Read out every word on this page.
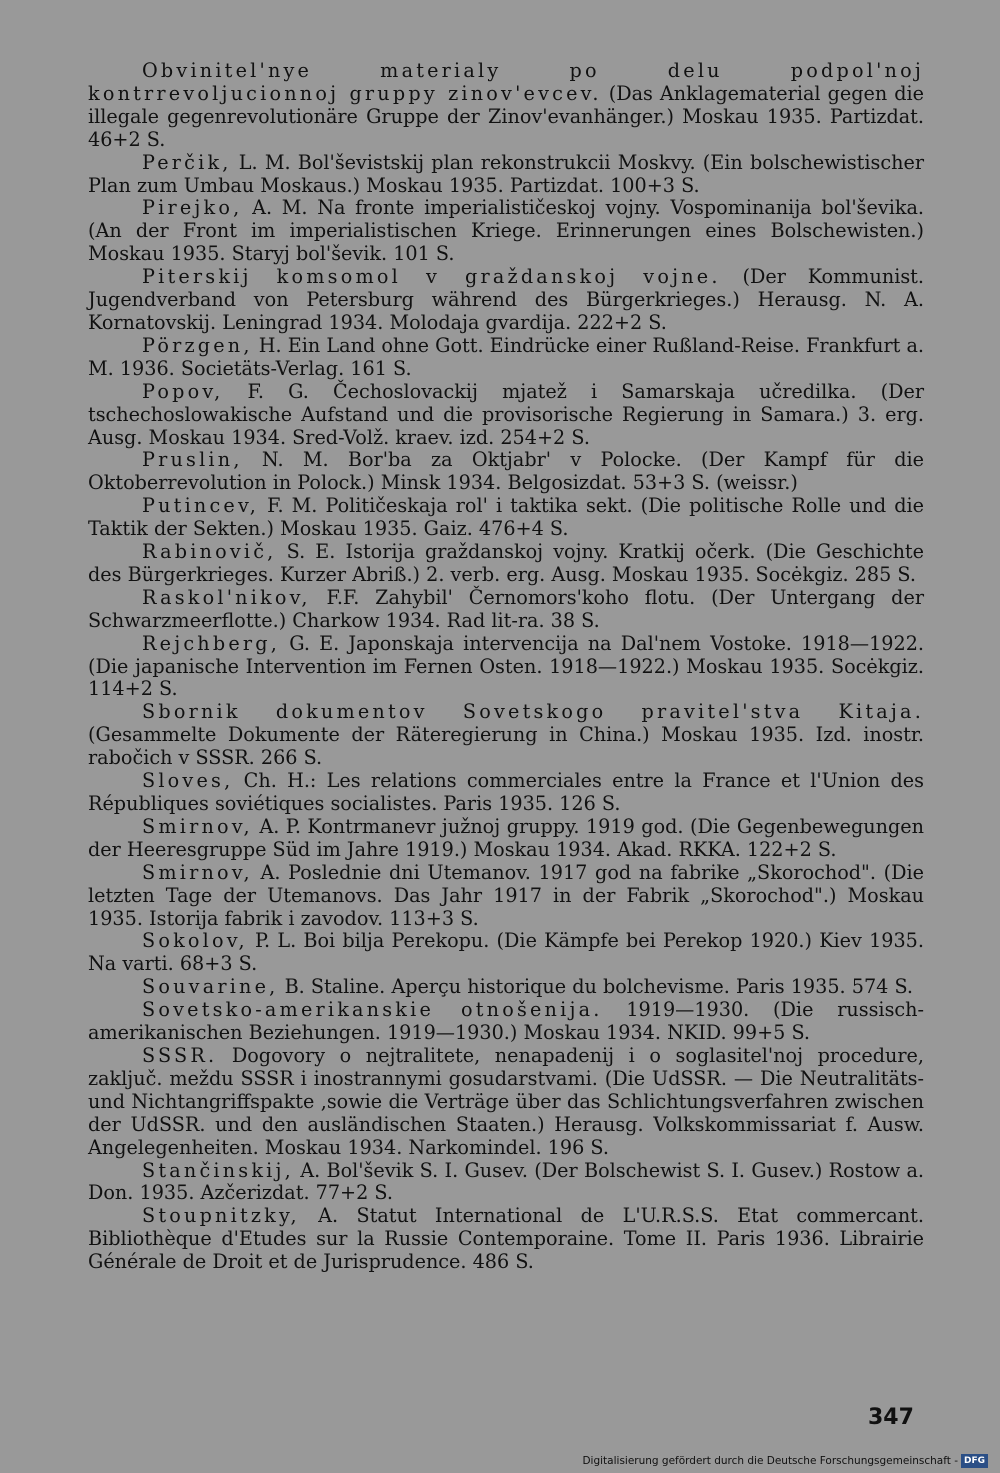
Obvinitel'nye materialy po delu podpol'noj kontrrevoljucionnoj gruppy zinov'evcev. (Das Anklagematerial gegen die illegale gegenrevolutionäre Gruppe der Zinov'evanhänger.) Moskau 1935. Partizdat. 46+2 S.

Perčik, L. M. Bol'ševistskij plan rekonstrukcii Moskvy. (Ein bolschewistischer Plan zum Umbau Moskaus.) Moskau 1935. Partizdat. 100+3 S.

Pirejko, A. M. Na fronte imperialističeskoj vojny. Vospominanija bol'ševika. (An der Front im imperialistischen Kriege. Erinnerungen eines Bolschewisten.) Moskau 1935. Staryj bol'ševik. 101 S.

Piterskij komsomol v graždanskoj vojne. (Der Kommunist. Jugendverband von Petersburg während des Bürgerkrieges.) Herausg. N. A. Kornatovskij. Leningrad 1934. Molodaja gvardija. 222+2 S.

Pörzgen, H. Ein Land ohne Gott. Eindrücke einer Rußland-Reise. Frankfurt a. M. 1936. Societäts-Verlag. 161 S.

Popov, F. G. Čechoslovackij mjatež i Samarskaja učredilka. (Der tschechoslowakische Aufstand und die provisorische Regierung in Samara.) 3. erg. Ausg. Moskau 1934. Sred-Volž. kraev. izd. 254+2 S.

Pruslin, N. M. Bor'ba za Oktjabr' v Polocke. (Der Kampf für die Oktoberrevolution in Polock.) Minsk 1934. Belgosizdat. 53+3 S. (weissr.)

Putincev, F. M. Političeskaja rol' i taktika sekt. (Die politische Rolle und die Taktik der Sekten.) Moskau 1935. Gaiz. 476+4 S.

Rabinovič, S. E. Istorija graždanskoj vojny. Kratkij očerk. (Die Geschichte des Bürgerkrieges. Kurzer Abriß.) 2. verb. erg. Ausg. Moskau 1935. Socėkgiz. 285 S.

Raskol'nikov, F.F. Zahybil' Černomors'koho flotu. (Der Untergang der Schwarzmeerflotte.) Charkow 1934. Rad lit-ra. 38 S.

Rejchberg, G. E. Japonskaja intervencija na Dal'nem Vostoke. 1918—1922. (Die japanische Intervention im Fernen Osten. 1918—1922.) Moskau 1935. Socėkgiz. 114+2 S.

Sbornik dokumentov Sovetskogo pravitel'stva Kitaja. (Gesammelte Dokumente der Räteregierung in China.) Moskau 1935. Izd. inostr. rabočich v SSSR. 266 S.

Sloves, Ch. H.: Les relations commerciales entre la France et l'Union des Républiques soviétiques socialistes. Paris 1935. 126 S.

Smirnov, A. P. Kontrmanevr južnoj gruppy. 1919 god. (Die Gegenbewegungen der Heeresgruppe Süd im Jahre 1919.) Moskau 1934. Akad. RKKA. 122+2 S.

Smirnov, A. Poslednie dni Utemanov. 1917 god na fabrike „Skorochod". (Die letzten Tage der Utemanovs. Das Jahr 1917 in der Fabrik „Skorochod".) Moskau 1935. Istorija fabrik i zavodov. 113+3 S.

Sokolov, P. L. Boi bilja Perekopu. (Die Kämpfe bei Perekop 1920.) Kiev 1935. Na varti. 68+3 S.

Souvarine, B. Staline. Aperçu historique du bolchevisme. Paris 1935. 574 S.

Sovetsko-amerikanskie otnošenija. 1919—1930. (Die russisch-amerikanischen Beziehungen. 1919—1930.) Moskau 1934. NKID. 99+5 S.

SSSR. Dogovory o nejtralitete, nenapadenij i o soglasitel'noj procedure, zaključ. meždu SSSR i inostrannymi gosudarstvami. (Die UdSSR. — Die Neutralitäts- und Nichtangriffspakte ,sowie die Verträge über das Schlichtungsverfahren zwischen der UdSSR. und den ausländischen Staaten.) Herausg. Volkskommissariat f. Ausw. Angelegenheiten. Moskau 1934. Narkomindel. 196 S.

Stančinskij, A. Bol'ševik S. I. Gusev. (Der Bolschewist S. I. Gusev.) Rostow a. Don. 1935. Azčerizdat. 77+2 S.

Stoupnitzky, A. Statut International de L'U.R.S.S. Etat commercant. Bibliothèque d'Etudes sur la Russie Contemporaine. Tome II. Paris 1936. Librairie Générale de Droit et de Jurisprudence. 486 S.

347
Digitalisierung gefördert durch die Deutsche Forschungsgemeinschaft - DFG
